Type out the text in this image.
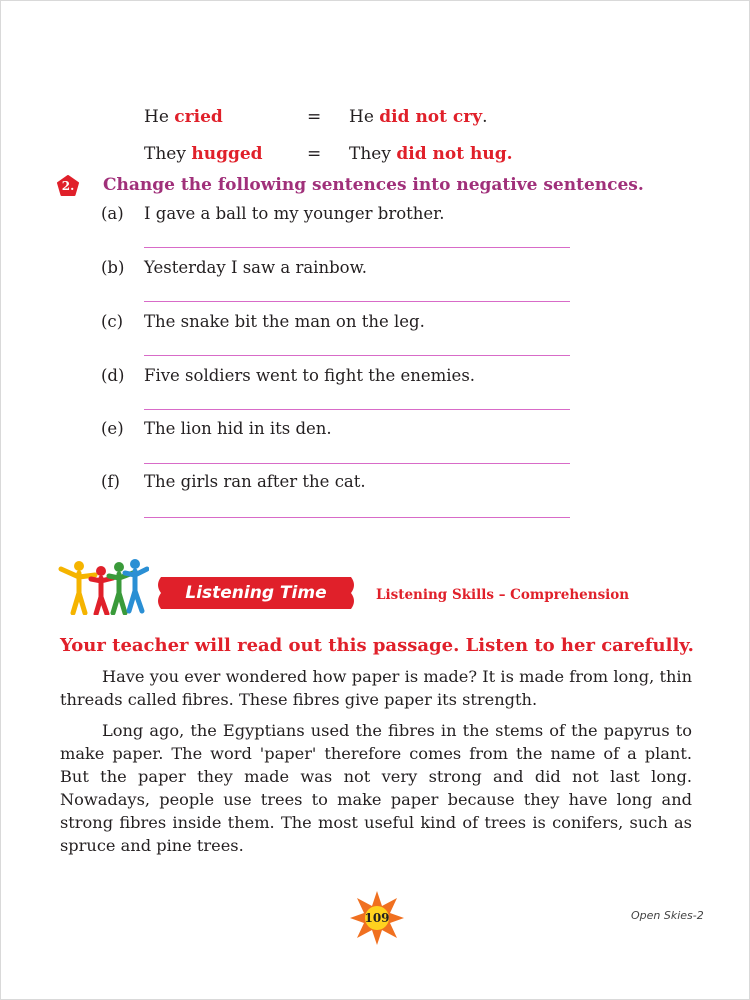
He cried	= He did not cry.
They hugged	= They did not hug.
2. Change the following sentences into negative sentences.
(a) I gave a ball to my younger brother.
(b) Yesterday I saw a rainbow.
(c) The snake bit the man on the leg.
(d) Five soldiers went to fight the enemies.
(e) The lion hid in its den.
(f) The girls ran after the cat.
Listening Time	Listening Skills – Comprehension
Your teacher will read out this passage. Listen to her carefully.

Have you ever wondered how paper is made? It is made from long, thin threads called fibres. These fibres give paper its strength.

Long ago, the Egyptians used the fibres in the stems of the papyrus to make paper. The word 'paper' therefore comes from the name of a plant. But the paper they made was not very strong and did not last long. Nowadays, people use trees to make paper because they have long and strong fibres inside them. The most useful kind of trees is conifers, such as spruce and pine trees.

109	Open Skies-2
